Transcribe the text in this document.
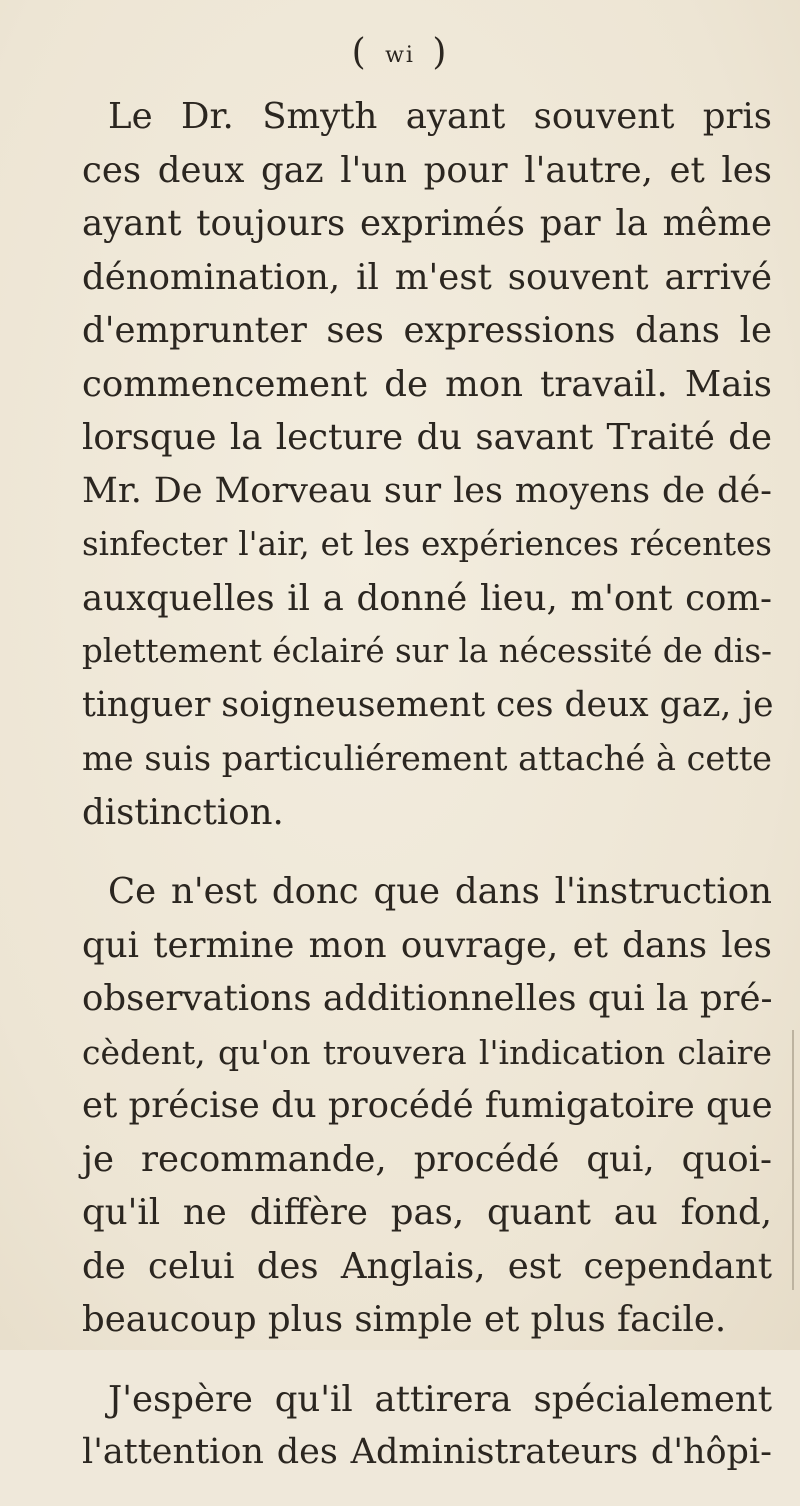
( wi )
Le Dr. Smyth ayant souvent pris
ces deux gaz l'un pour l'autre, et les
ayant toujours exprimés par la même
dénomination, il m'est souvent arrivé
d'emprunter ses expressions dans le
commencement de mon travail. Mais
lorsque la lecture du savant Traité de
Mr. De Morveau sur les moyens de dé-
sinfecter l'air, et les expériences récentes
auxquelles il a donné lieu, m'ont com-
plettement éclairé sur la nécessité de dis-
tinguer soigneusement ces deux gaz, je
me suis particuliérement attaché à cette
distinction.
Ce n'est donc que dans l'instruction
qui termine mon ouvrage, et dans les
observations additionnelles qui la pré-
cèdent, qu'on trouvera l'indication claire
et précise du procédé fumigatoire que
je recommande, procédé qui, quoi-
qu'il ne diffère pas, quant au fond,
de celui des Anglais, est cependant
beaucoup plus simple et plus facile.
J'espère qu'il attirera spécialement
l'attention des Administrateurs d'hôpi-
